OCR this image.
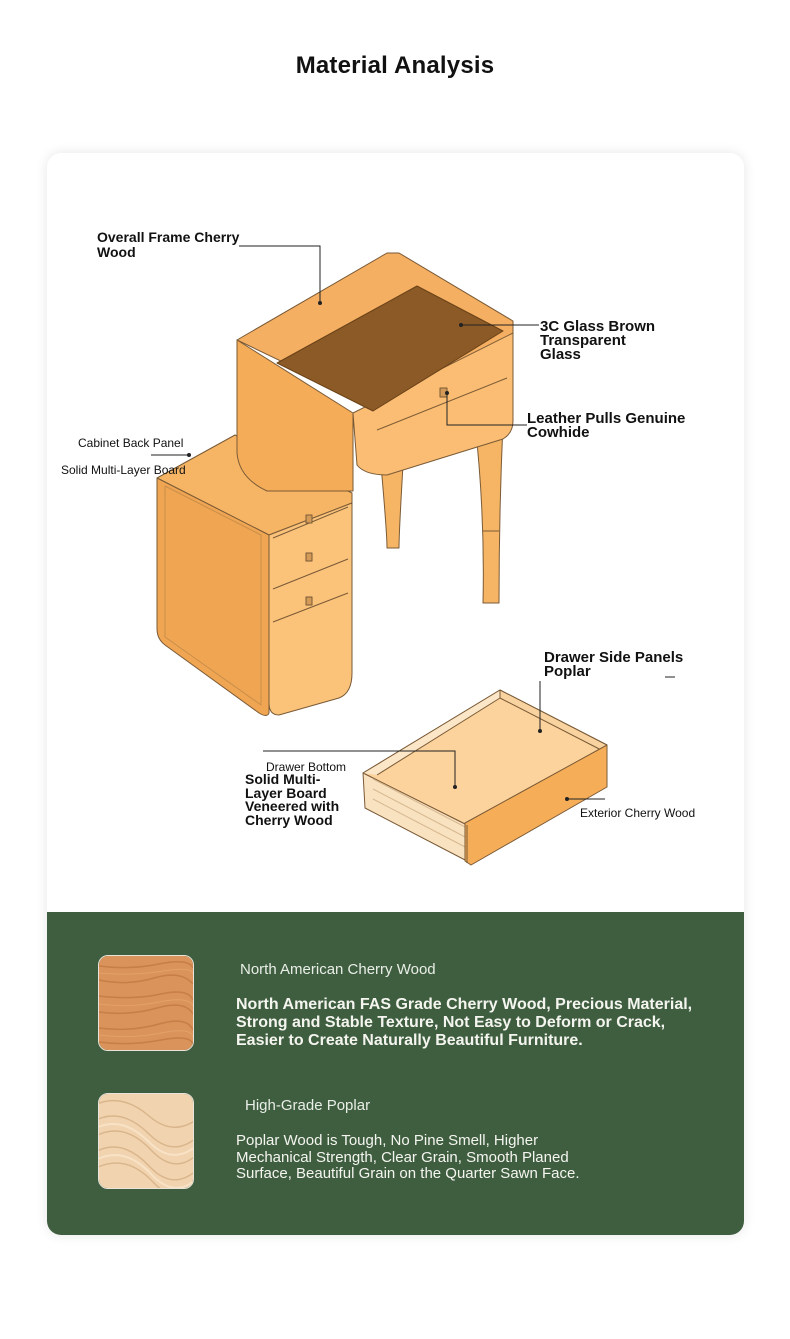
Material Analysis
Overall Frame Cherry Wood
3C Glass Brown Transparent Glass
Leather Pulls Genuine Cowhide
Cabinet Back Panel
Solid Multi-Layer Board
Drawer Side Panels Poplar
Drawer Bottom
Solid Multi-Layer Board Veneered with Cherry Wood	Exterior Cherry Wood
North American Cherry Wood
North American FAS Grade Cherry Wood, Precious Material, Strong and Stable Texture, Not Easy to Deform or Crack, Easier to Create Naturally Beautiful Furniture.
High-Grade Poplar
Poplar Wood is Tough, No Pine Smell, Higher Mechanical Strength, Clear Grain, Smooth Planed Surface, Beautiful Grain on the Quarter Sawn Face.
